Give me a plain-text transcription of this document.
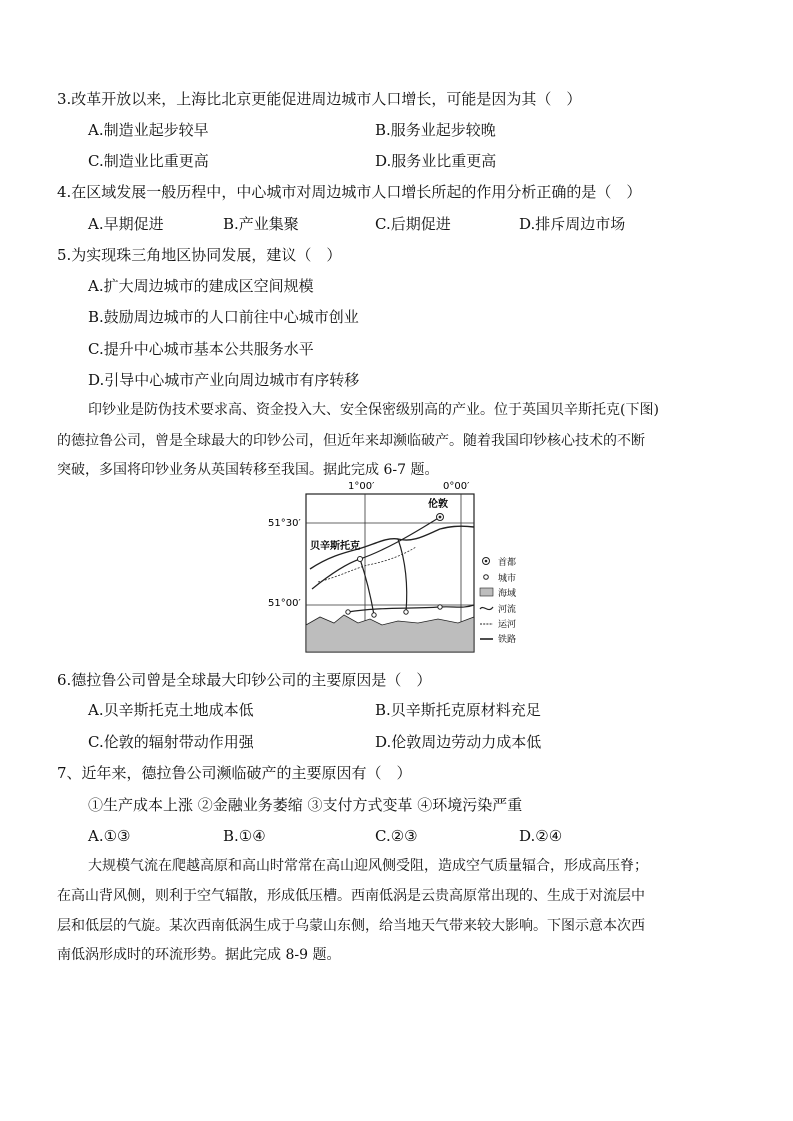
3.改革开放以来，上海比北京更能促进周边城市人口增长，可能是因为其（　）
A.制造业起步较早	B.服务业起步较晚
C.制造业比重更高	D.服务业比重更高
4.在区域发展一般历程中，中心城市对周边城市人口增长所起的作用分析正确的是（　）
A.早期促进	B.产业集聚	C.后期促进	D.排斥周边市场
5.为实现珠三角地区协同发展，建议（　）
A.扩大周边城市的建成区空间规模
B.鼓励周边城市的人口前往中心城市创业
C.提升中心城市基本公共服务水平
D.引导中心城市产业向周边城市有序转移
印钞业是防伪技术要求高、资金投入大、安全保密级别高的产业。位于英国贝辛斯托克(下图)
的德拉鲁公司，曾是全球最大的印钞公司，但近年来却濒临破产。随着我国印钞核心技术的不断
突破，多国将印钞业务从英国转移至我国。据此完成 6-7 题。
1°00′	0°00′
51°30′
51°00′
伦敦
贝辛斯托克
首都
城市
海域
河流
运河
铁路
6.德拉鲁公司曾是全球最大印钞公司的主要原因是（　）
A.贝辛斯托克土地成本低	B.贝辛斯托克原材料充足
C.伦敦的辐射带动作用强	D.伦敦周边劳动力成本低
7、近年来，德拉鲁公司濒临破产的主要原因有（　）
①生产成本上涨 ②金融业务萎缩 ③支付方式变革 ④环境污染严重
A.①③	B.①④	C.②③	D.②④
大规模气流在爬越高原和高山时常常在高山迎风侧受阻，造成空气质量辐合，形成高压脊；
在高山背风侧，则利于空气辐散，形成低压槽。西南低涡是云贵高原常出现的、生成于对流层中
层和低层的气旋。某次西南低涡生成于乌蒙山东侧，给当地天气带来较大影响。下图示意本次西
南低涡形成时的环流形势。据此完成 8-9 题。
